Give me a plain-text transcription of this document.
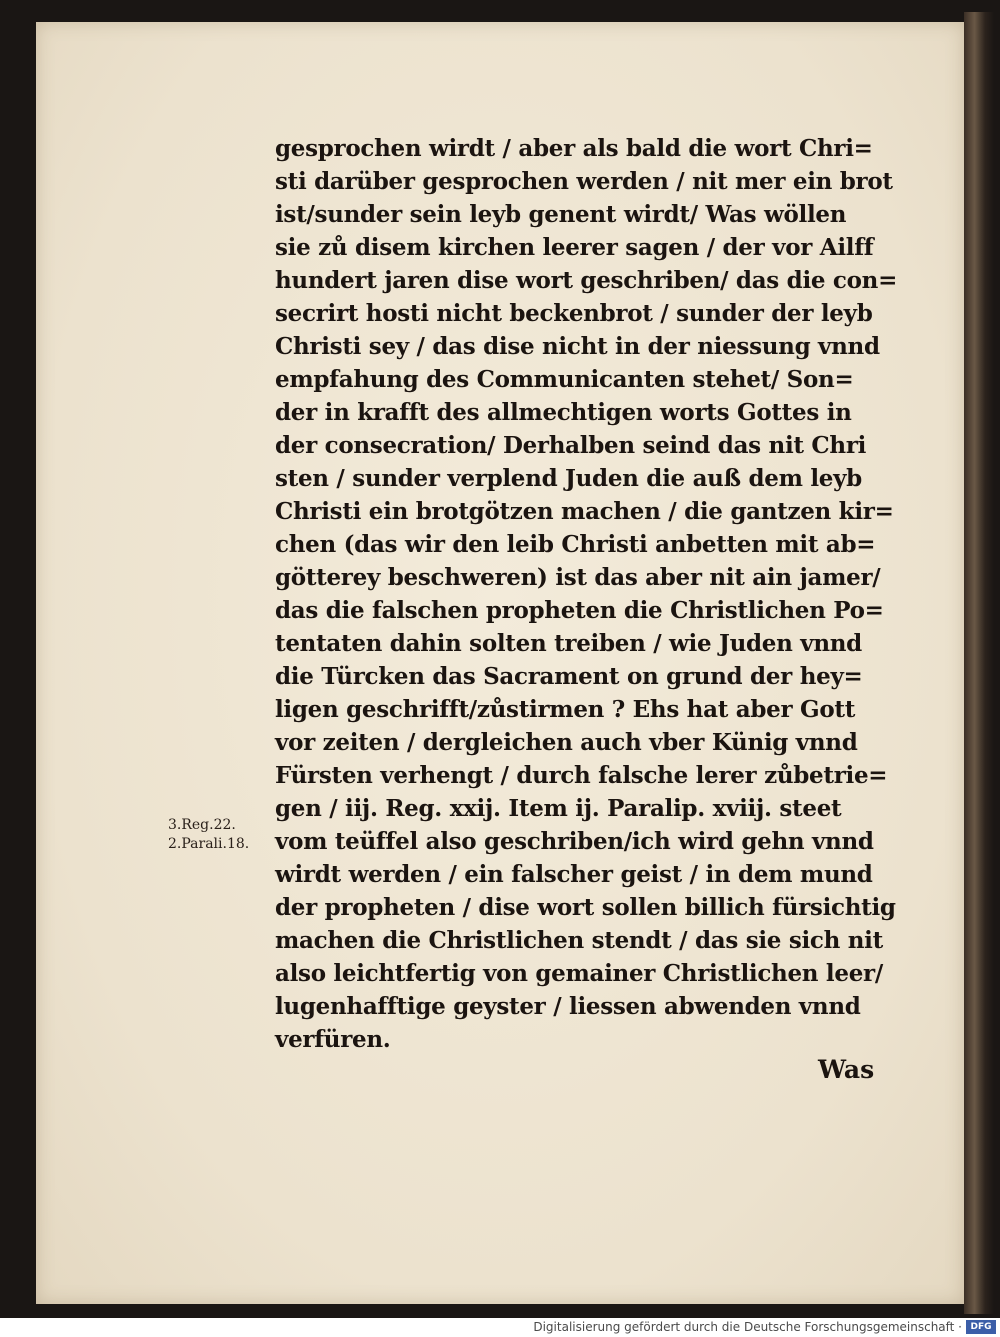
gesprochen wirdt / aber als bald die wort Chri=
sti darüber gesprochen werden / nit mer ein brot
ist/sunder sein leyb genent wirdt/ Was wöllen
sie zů disem kirchen leerer sagen / der vor Ailff
hundert jaren dise wort geschriben/ das die con=
secrirt hosti nicht beckenbrot / sunder der leyb
Christi sey / das dise nicht in der niessung vnnd
empfahung des Communicanten stehet/ Son=
der in krafft des allmechtigen worts Gottes in
der consecration/ Derhalben seind das nit Chri
sten / sunder verplend Juden die auß dem leyb
Christi ein brotgötzen machen / die gantzen kir=
chen (das wir den leib Christi anbetten mit ab=
götterey beschweren) ist das aber nit ain jamer/
das die falschen propheten die Christlichen Po=
tentaten dahin solten treiben / wie Juden vnnd
die Türcken das Sacrament on grund der hey=
ligen geschrifft/zůstirmen ? Ehs hat aber Gott
vor zeiten / dergleichen auch vber Künig vnnd
Fürsten verhengt / durch falsche lerer zůbetrie=
gen / iij. Reg. xxij. Item ij. Paralip. xviij. steet
vom teüffel also geschriben/ich wird gehn vnnd
wirdt werden / ein falscher geist / in dem mund
der propheten / dise wort sollen billich fürsichtig
machen die Christlichen stendt / das sie sich nit
also leichtfertig von gemainer Christlichen leer/
lugenhafftige geyster / liessen abwenden vnnd
verfüren.
3.Reg.22.
2.Parali.18.
Was
Digitalisierung gefördert durch die Deutsche Forschungsgemeinschaft · DFG
